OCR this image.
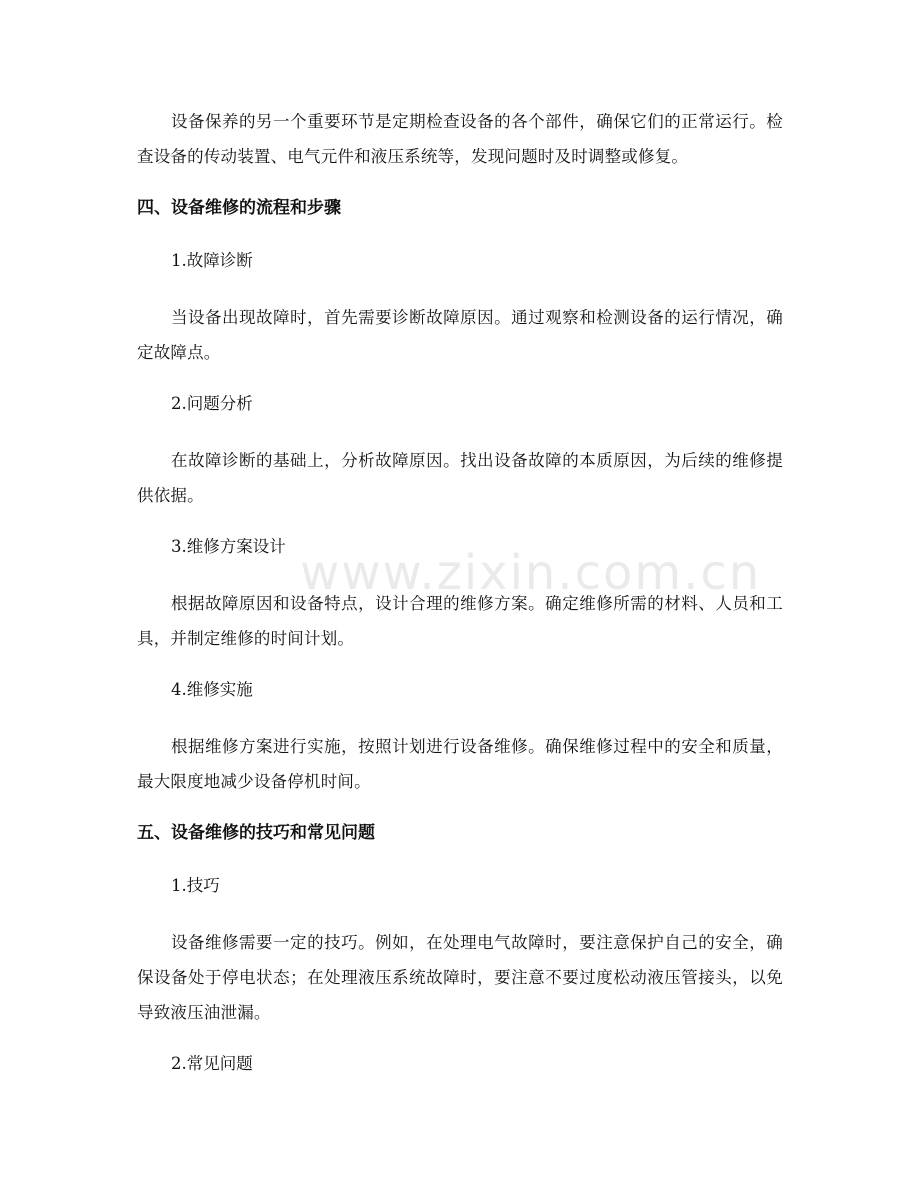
设备保养的另一个重要环节是定期检查设备的各个部件，确保它们的正常运行。检查设备的传动装置、电气元件和液压系统等，发现问题时及时调整或修复。

四、设备维修的流程和步骤
1.故障诊断

当设备出现故障时，首先需要诊断故障原因。通过观察和检测设备的运行情况，确定故障点。

2.问题分析

在故障诊断的基础上，分析故障原因。找出设备故障的本质原因，为后续的维修提供依据。

3.维修方案设计

根据故障原因和设备特点，设计合理的维修方案。确定维修所需的材料、人员和工具，并制定维修的时间计划。

4.维修实施

根据维修方案进行实施，按照计划进行设备维修。确保维修过程中的安全和质量，最大限度地减少设备停机时间。

五、设备维修的技巧和常见问题
1.技巧

设备维修需要一定的技巧。例如，在处理电气故障时，要注意保护自己的安全，确保设备处于停电状态；在处理液压系统故障时，要注意不要过度松动液压管接头，以免导致液压油泄漏。

2.常见问题
www.zixin.com.cn
